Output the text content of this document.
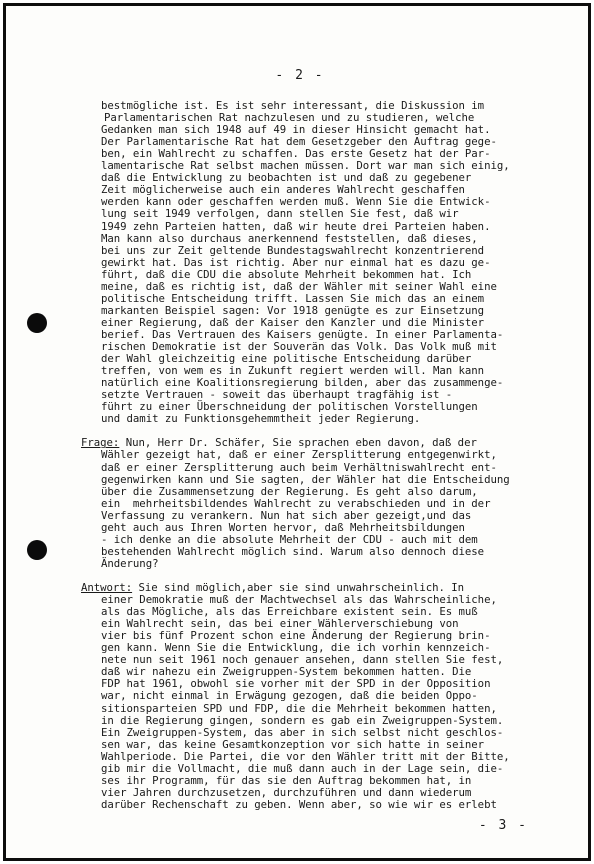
- 2 -
bestmögliche ist. Es ist sehr interessant, die Diskussion im
Parlamentarischen Rat nachzulesen und zu studieren, welche
Gedanken man sich 1948 auf 49 in dieser Hinsicht gemacht hat.
Der Parlamentarische Rat hat dem Gesetzgeber den Auftrag gege-
ben, ein Wahlrecht zu schaffen. Das erste Gesetz hat der Par-
lamentarische Rat selbst machen müssen. Dort war man sich einig,
daß die Entwicklung zu beobachten ist und daß zu gegebener
Zeit möglicherweise auch ein anderes Wahlrecht geschaffen
werden kann oder geschaffen werden muß. Wenn Sie die Entwick-
lung seit 1949 verfolgen, dann stellen Sie fest, daß wir
1949 zehn Parteien hatten, daß wir heute drei Parteien haben.
Man kann also durchaus anerkennend feststellen, daß dieses,
bei uns zur Zeit geltende Bundestagswahlrecht konzentrierend
gewirkt hat. Das ist richtig. Aber nur einmal hat es dazu ge-
führt, daß die CDU die absolute Mehrheit bekommen hat. Ich
meine, daß es richtig ist, daß der Wähler mit seiner Wahl eine
politische Entscheidung trifft. Lassen Sie mich das an einem
markanten Beispiel sagen: Vor 1918 genügte es zur Einsetzung
einer Regierung, daß der Kaiser den Kanzler und die Minister
berief. Das Vertrauen des Kaisers genügte. In einer Parlamenta-
rischen Demokratie ist der Souverän das Volk. Das Volk muß mit
der Wahl gleichzeitig eine politische Entscheidung darüber
treffen, von wem es in Zukunft regiert werden will. Man kann
natürlich eine Koalitionsregierung bilden, aber das zusammenge-
setzte Vertrauen - soweit das überhaupt tragfähig ist -
führt zu einer Überschneidung der politischen Vorstellungen
und damit zu Funktionsgehemmtheit jeder Regierung.
Frage: Nun, Herr Dr. Schäfer, Sie sprachen eben davon, daß der
Wähler gezeigt hat, daß er einer Zersplitterung entgegenwirkt,
daß er einer Zersplitterung auch beim Verhältniswahlrecht ent-
gegenwirken kann und Sie sagten, der Wähler hat die Entscheidung
über die Zusammensetzung der Regierung. Es geht also darum,
ein  mehrheitsbildendes Wahlrecht zu verabschieden und in der
Verfassung zu verankern. Nun hat sich aber gezeigt,und das
geht auch aus Ihren Worten hervor, daß Mehrheitsbildungen
- ich denke an die absolute Mehrheit der CDU - auch mit dem
bestehenden Wahlrecht möglich sind. Warum also dennoch diese
Änderung?
Antwort: Sie sind möglich,aber sie sind unwahrscheinlich. In
einer Demokratie muß der Machtwechsel als das Wahrscheinliche,
als das Mögliche, als das Erreichbare existent sein. Es muß
ein Wahlrecht sein, das bei einer Wählerverschiebung von
vier bis fünf Prozent schon eine Änderung der Regierung brin-
gen kann. Wenn Sie die Entwicklung, die ich vorhin kennzeich-
nete nun seit 1961 noch genauer ansehen, dann stellen Sie fest,
daß wir nahezu ein Zweigruppen-System bekommen hatten. Die
FDP hat 1961, obwohl sie vorher mit der SPD in der Opposition
war, nicht einmal in Erwägung gezogen, daß die beiden Oppo-
sitionsparteien SPD und FDP, die die Mehrheit bekommen hatten,
in die Regierung gingen, sondern es gab ein Zweigruppen-System.
Ein Zweigruppen-System, das aber in sich selbst nicht geschlos-
sen war, das keine Gesamtkonzeption vor sich hatte in seiner
Wahlperiode. Die Partei, die vor den Wähler tritt mit der Bitte,
gib mir die Vollmacht, die muß dann auch in der Lage sein, die-
ses ihr Programm, für das sie den Auftrag bekommen hat, in
vier Jahren durchzusetzen, durchzuführen und dann wiederum
darüber Rechenschaft zu geben. Wenn aber, so wie wir es erlebt
- 3 -
